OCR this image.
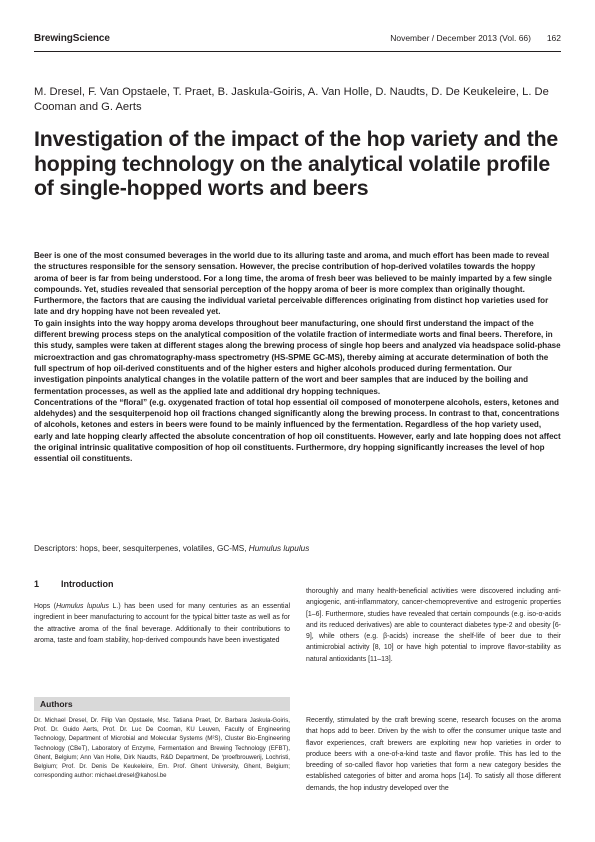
BrewingScience	November / December 2013 (Vol. 66) 162
M. Dresel, F. Van Opstaele, T. Praet, B. Jaskula-Goiris, A. Van Holle, D. Naudts, D. De Keukeleire, L. De Cooman and G. Aerts
Investigation of the impact of the hop variety and the hopping technology on the analytical volatile profile of single-hopped worts and beers

Beer is one of the most consumed beverages in the world due to its alluring taste and aroma, and much effort has been made to reveal the structures responsible for the sensory sensation. However, the precise contribution of hop-derived volatiles towards the hoppy aroma of beer is far from being understood. For a long time, the aroma of fresh beer was believed to be mainly imparted by a few single compounds. Yet, studies revealed that sensorial perception of the hoppy aroma of beer is more complex than originally thought. Furthermore, the factors that are causing the individual varietal perceivable differences originating from distinct hop varieties used for late and dry hopping have not been revealed yet.

To gain insights into the way hoppy aroma develops throughout beer manufacturing, one should first understand the impact of the different brewing process steps on the analytical composition of the volatile fraction of intermediate worts and final beers. Therefore, in this study, samples were taken at different stages along the brewing process of single hop beers and analyzed via headspace solid-phase microextraction and gas chromatography-mass spectrometry (HS-SPME GC-MS), thereby aiming at accurate determination of both the full spectrum of hop oil-derived constituents and of the higher esters and higher alcohols produced during fermentation. Our investigation pinpoints analytical changes in the volatile pattern of the wort and beer samples that are induced by the boiling and fermentation processes, as well as the applied late and additional dry hopping techniques.

Concentrations of the “floral” (e.g. oxygenated fraction of total hop essential oil composed of monoterpene alcohols, esters, ketones and aldehydes) and the sesquiterpenoid hop oil fractions changed significantly along the brewing process. In contrast to that, concentrations of alcohols, ketones and esters in beers were found to be mainly influenced by the fermentation. Regardless of the hop variety used, early and late hopping clearly affected the absolute concentration of hop oil constituents. However, early and late hopping does not affect the original intrinsic qualitative composition of hop oil constituents. Furthermore, dry hopping significantly increases the level of hop essential oil constituents.

Descriptors: hops, beer, sesquiterpenes, volatiles, GC-MS, Humulus lupulus
1 Introduction

Hops (Humulus lupulus L.) has been used for many centuries as an essential ingredient in beer manufacturing to account for the typical bitter taste as well as for the attractive aroma of the final beverage. Additionally to their contributions to aroma, taste and foam stability, hop-derived compounds have been investigated

Authors

Dr. Michael Dresel, Dr. Filip Van Opstaele, Msc. Tatiana Praet, Dr. Barbara Jaskula-Goiris, Prof. Dr. Guido Aerts, Prof. Dr. Luc De Cooman, KU Leuven, Faculty of Engineering Technology, Department of Microbial and Molecular Systems (M²S), Cluster Bio-Engineering Technology (CBeT), Laboratory of Enzyme, Fermentation and Brewing Technology (EFBT), Ghent, Belgium; Ann Van Holle, Dirk Naudts, R&D Department, De ‘proefbrouwerij, Lochristi, Belgium; Prof. Dr. Denis De Keukeleire, Em. Prof. Ghent University, Ghent, Belgium; corresponding author: michael.dresel@kahosl.be

thoroughly and many health-beneficial activities were discovered including anti-angiogenic, anti-inflammatory, cancer-chemopreventive and estrogenic properties [1–6]. Furthermore, studies have revealed that certain compounds (e.g. iso-α-acids and its reduced derivatives) are able to counteract diabetes type-2 and obesity [6-9], while others (e.g. β-acids) increase the shelf-life of beer due to their antimicrobial activity [8, 10] or have high potential to improve flavor-stability as natural antioxidants [11–13].

Recently, stimulated by the craft brewing scene, research focuses on the aroma that hops add to beer. Driven by the wish to offer the consumer unique taste and flavor experiences, craft brewers are exploiting new hop varieties in order to produce beers with a one-of-a-kind taste and flavor profile. This has led to the breeding of so-called flavor hop varieties that form a new category besides the established categories of bitter and aroma hops [14]. To satisfy all those different demands, the hop industry developed over the
